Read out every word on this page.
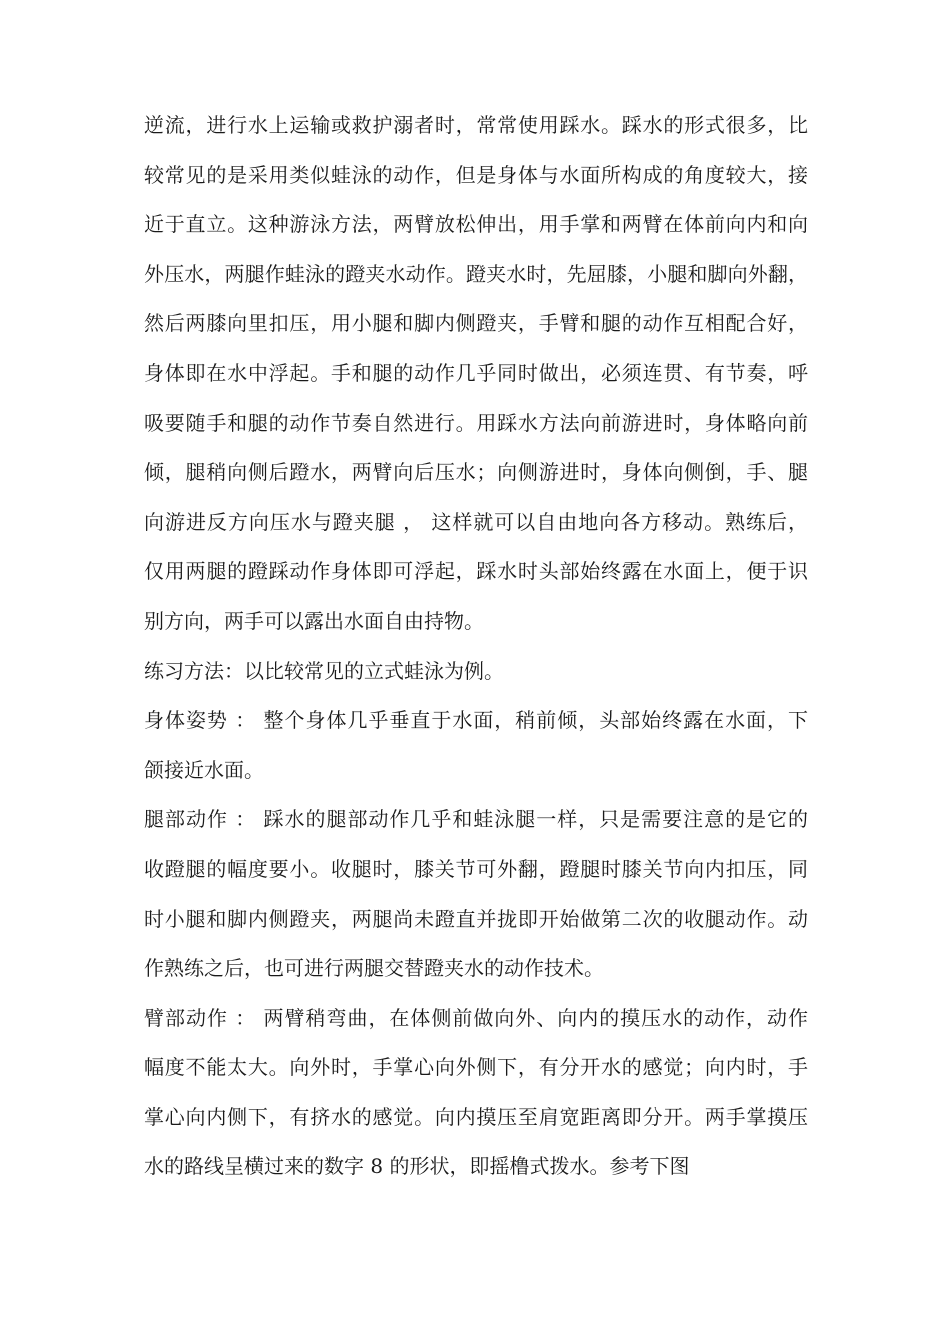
逆流，进行水上运输或救护溺者时，常常使用踩水。踩水的形式很多，比
较常见的是采用类似蛙泳的动作，但是身体与水面所构成的角度较大，接
近于直立。这种游泳方法，两臂放松伸出，用手掌和两臂在体前向内和向
外压水，两腿作蛙泳的蹬夹水动作。蹬夹水时，先屈膝，小腿和脚向外翻，
然后两膝向里扣压，用小腿和脚内侧蹬夹，手臂和腿的动作互相配合好，
身体即在水中浮起。手和腿的动作几乎同时做出，必须连贯、有节奏，呼
吸要随手和腿的动作节奏自然进行。用踩水方法向前游进时，身体略向前
倾，腿稍向侧后蹬水，两臂向后压水；向侧游进时，身体向侧倒，手、腿
向游进反方向压水与蹬夹腿 ， 这样就可以自由地向各方移动。熟练后，
仅用两腿的蹬踩动作身体即可浮起，踩水时头部始终露在水面上，便于识
别方向，两手可以露出水面自由持物。
练习方法：以比较常见的立式蛙泳为例。
身体姿势 ： 整个身体几乎垂直于水面，稍前倾，头部始终露在水面，下
颌接近水面。
腿部动作 ： 踩水的腿部动作几乎和蛙泳腿一样，只是需要注意的是它的
收蹬腿的幅度要小。收腿时，膝关节可外翻，蹬腿时膝关节向内扣压，同
时小腿和脚内侧蹬夹，两腿尚未蹬直并拢即开始做第二次的收腿动作。动
作熟练之后，也可进行两腿交替蹬夹水的动作技术。
臂部动作 ： 两臂稍弯曲，在体侧前做向外、向内的摸压水的动作，动作
幅度不能太大。向外时，手掌心向外侧下，有分开水的感觉；向内时，手
掌心向内侧下，有挤水的感觉。向内摸压至肩宽距离即分开。两手掌摸压
水的路线呈横过来的数字 8 的形状，即摇橹式拨水。参考下图
